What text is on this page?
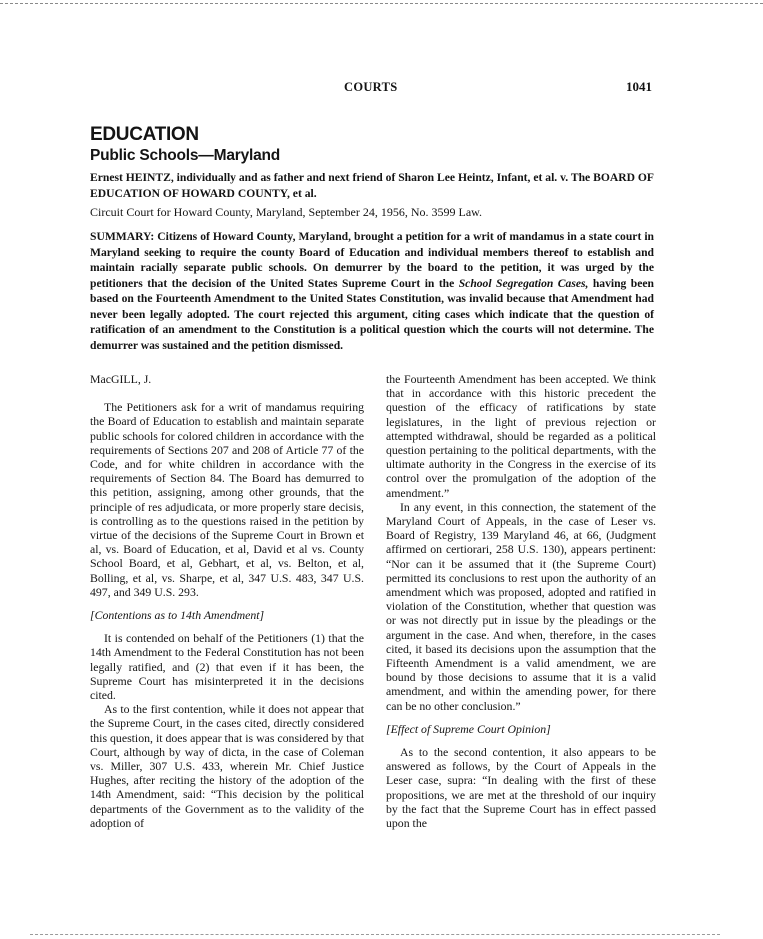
COURTS	1041
EDUCATION
Public Schools—Maryland

Ernest HEINTZ, individually and as father and next friend of Sharon Lee Heintz, Infant, et al. v. The BOARD OF EDUCATION OF HOWARD COUNTY, et al.

Circuit Court for Howard County, Maryland, September 24, 1956, No. 3599 Law.

SUMMARY: Citizens of Howard County, Maryland, brought a petition for a writ of mandamus in a state court in Maryland seeking to require the county Board of Education and individual members thereof to establish and maintain racially separate public schools. On demurrer by the board to the petition, it was urged by the petitioners that the decision of the United States Supreme Court in the School Segregation Cases, having been based on the Fourteenth Amendment to the United States Constitution, was invalid because that Amendment had never been legally adopted. The court rejected this argument, citing cases which indicate that the question of ratification of an amendment to the Constitution is a political question which the courts will not determine. The demurrer was sustained and the petition dismissed.

MacGILL, J.

The Petitioners ask for a writ of mandamus requiring the Board of Education to establish and maintain separate public schools for colored children in accordance with the requirements of Sections 207 and 208 of Article 77 of the Code, and for white children in accordance with the requirements of Section 84. The Board has demurred to this petition, assigning, among other grounds, that the principle of res adjudicata, or more properly stare decisis, is controlling as to the questions raised in the petition by virtue of the decisions of the Supreme Court in Brown et al, vs. Board of Education, et al, David et al vs. County School Board, et al, Gebhart, et al, vs. Belton, et al, Bolling, et al, vs. Sharpe, et al, 347 U.S. 483, 347 U.S. 497, and 349 U.S. 293.

[Contentions as to 14th Amendment]

It is contended on behalf of the Petitioners (1) that the 14th Amendment to the Federal Constitution has not been legally ratified, and (2) that even if it has been, the Supreme Court has misinterpreted it in the decisions cited.

As to the first contention, while it does not appear that the Supreme Court, in the cases cited, directly considered this question, it does appear that is was considered by that Court, although by way of dicta, in the case of Coleman vs. Miller, 307 U.S. 433, wherein Mr. Chief Justice Hughes, after reciting the history of the adoption of the 14th Amendment, said: “This decision by the political departments of the Government as to the validity of the adoption of

the Fourteenth Amendment has been accepted. We think that in accordance with this historic precedent the question of the efficacy of ratifications by state legislatures, in the light of previous rejection or attempted withdrawal, should be regarded as a political question pertaining to the political departments, with the ultimate authority in the Congress in the exercise of its control over the promulgation of the adoption of the amendment.”

In any event, in this connection, the statement of the Maryland Court of Appeals, in the case of Leser vs. Board of Registry, 139 Maryland 46, at 66, (Judgment affirmed on certiorari, 258 U.S. 130), appears pertinent: “Nor can it be assumed that it (the Supreme Court) permitted its conclusions to rest upon the authority of an amendment which was proposed, adopted and ratified in violation of the Constitution, whether that question was or was not directly put in issue by the pleadings or the argument in the case. And when, therefore, in the cases cited, it based its decisions upon the assumption that the Fifteenth Amendment is a valid amendment, we are bound by those decisions to assume that it is a valid amendment, and within the amending power, for there can be no other conclusion.”

[Effect of Supreme Court Opinion]

As to the second contention, it also appears to be answered as follows, by the Court of Appeals in the Leser case, supra: “In dealing with the first of these propositions, we are met at the threshold of our inquiry by the fact that the Supreme Court has in effect passed upon the
